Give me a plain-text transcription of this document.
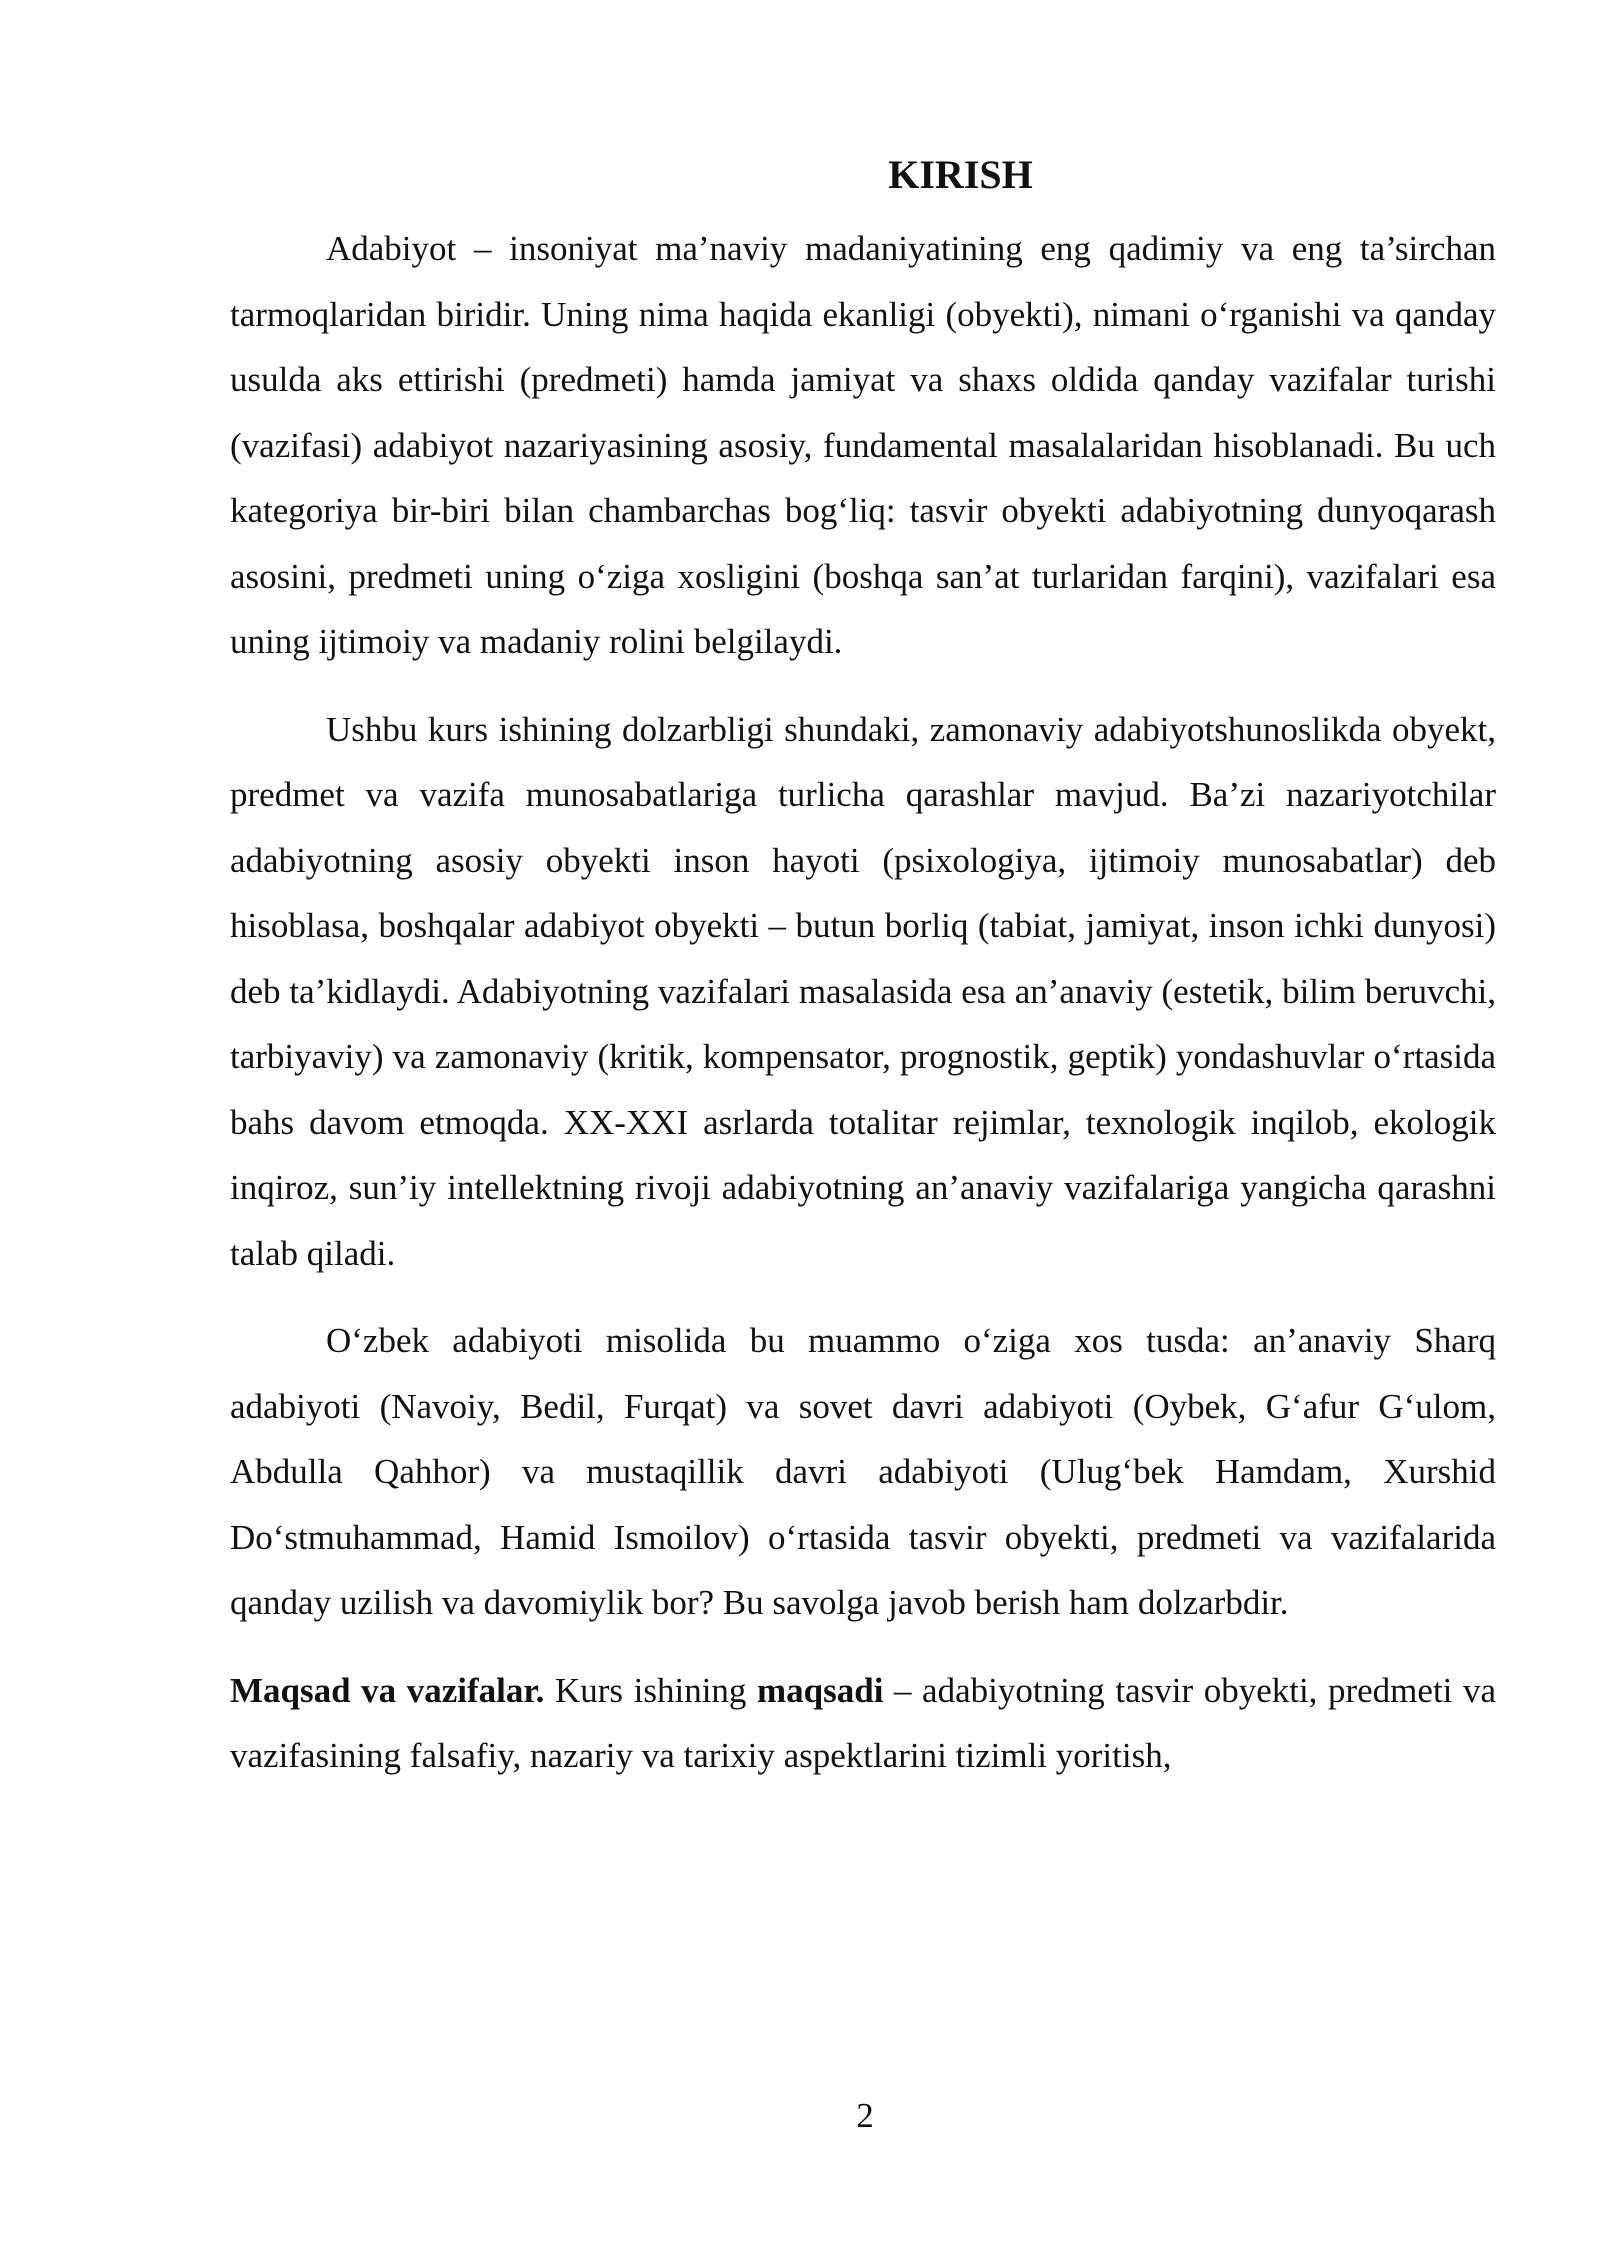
KIRISH

Adabiyot – insoniyat ma’naviy madaniyatining eng qadimiy va eng ta’sirchan tarmoqlaridan biridir. Uning nima haqida ekanligi (obyekti), nimani o‘rganishi va qanday usulda aks ettirishi (predmeti) hamda jamiyat va shaxs oldida qanday vazifalar turishi (vazifasi) adabiyot nazariyasining asosiy, fundamental masalalaridan hisoblanadi. Bu uch kategoriya bir-biri bilan chambarchas bog‘liq: tasvir obyekti adabiyotning dunyoqarash asosini, predmeti uning o‘ziga xosligini (boshqa san’at turlaridan farqini), vazifalari esa uning ijtimoiy va madaniy rolini belgilaydi.

Ushbu kurs ishining dolzarbligi shundaki, zamonaviy adabiyotshunoslikda obyekt, predmet va vazifa munosabatlariga turlicha qarashlar mavjud. Ba’zi nazariyotchilar adabiyotning asosiy obyekti inson hayoti (psixologiya, ijtimoiy munosabatlar) deb hisoblasa, boshqalar adabiyot obyekti – butun borliq (tabiat, jamiyat, inson ichki dunyosi) deb ta’kidlaydi. Adabiyotning vazifalari masalasida esa an’anaviy (estetik, bilim beruvchi, tarbiyaviy) va zamonaviy (kritik, kompensator, prognostik, geptik) yondashuvlar o‘rtasida bahs davom etmoqda. XX-XXI asrlarda totalitar rejimlar, texnologik inqilob, ekologik inqiroz, sun’iy intellektning rivoji adabiyotning an’anaviy vazifalariga yangicha qarashni talab qiladi.

O‘zbek adabiyoti misolida bu muammo o‘ziga xos tusda: an’anaviy Sharq adabiyoti (Navoiy, Bedil, Furqat) va sovet davri adabiyoti (Oybek, G‘afur G‘ulom, Abdulla Qahhor) va mustaqillik davri adabiyoti (Ulug‘bek Hamdam, Xurshid Do‘stmuhammad, Hamid Ismoilov) o‘rtasida tasvir obyekti, predmeti va vazifalarida qanday uzilish va davomiylik bor? Bu savolga javob berish ham dolzarbdir.

Maqsad va vazifalar. Kurs ishining maqsadi – adabiyotning tasvir obyekti, predmeti va vazifasining falsafiy, nazariy va tarixiy aspektlarini tizimli yoritish,

2
